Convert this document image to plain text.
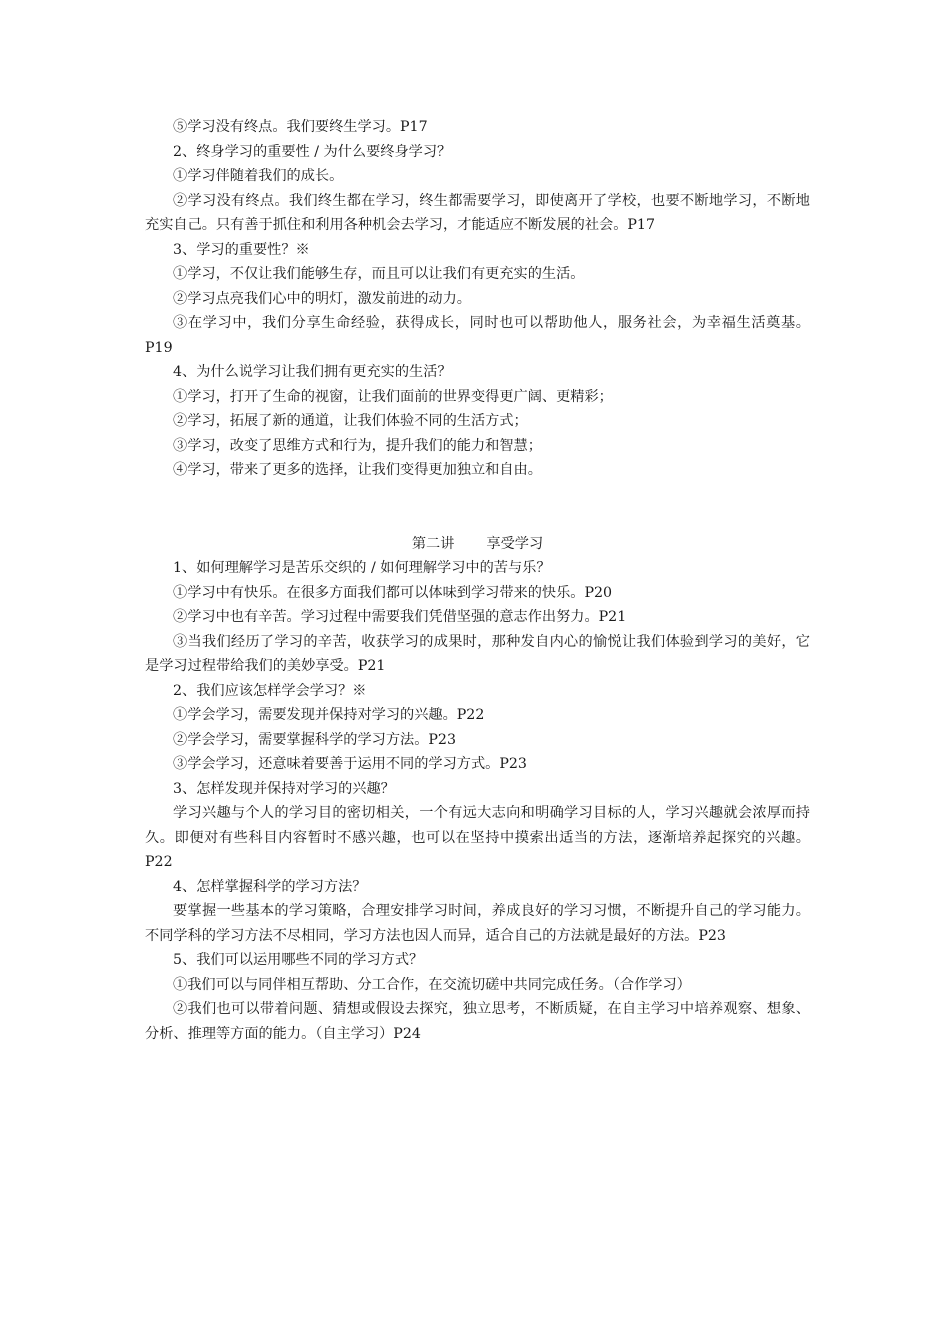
⑤学习没有终点。我们要终生学习。P17

2、终身学习的重要性 / 为什么要终身学习？

①学习伴随着我们的成长。

②学习没有终点。我们终生都在学习，终生都需要学习，即使离开了学校，也要不断地学习，不断地充实自己。只有善于抓住和利用各种机会去学习，才能适应不断发展的社会。P17

3、学习的重要性？※

①学习，不仅让我们能够生存，而且可以让我们有更充实的生活。

②学习点亮我们心中的明灯，激发前进的动力。

③在学习中，我们分享生命经验，获得成长，同时也可以帮助他人，服务社会，为幸福生活奠基。P19

4、为什么说学习让我们拥有更充实的生活？

①学习，打开了生命的视窗，让我们面前的世界变得更广阔、更精彩；

②学习，拓展了新的通道，让我们体验不同的生活方式；

③学习，改变了思维方式和行为，提升我们的能力和智慧；

④学习，带来了更多的选择，让我们变得更加独立和自由。

第二讲 享受学习

1、如何理解学习是苦乐交织的 / 如何理解学习中的苦与乐？

①学习中有快乐。在很多方面我们都可以体味到学习带来的快乐。P20

②学习中也有辛苦。学习过程中需要我们凭借坚强的意志作出努力。P21

③当我们经历了学习的辛苦，收获学习的成果时，那种发自内心的愉悦让我们体验到学习的美好，它是学习过程带给我们的美妙享受。P21

2、我们应该怎样学会学习？※

①学会学习，需要发现并保持对学习的兴趣。P22

②学会学习，需要掌握科学的学习方法。P23

③学会学习，还意味着要善于运用不同的学习方式。P23

3、怎样发现并保持对学习的兴趣？

学习兴趣与个人的学习目的密切相关，一个有远大志向和明确学习目标的人，学习兴趣就会浓厚而持久。即便对有些科目内容暂时不感兴趣，也可以在坚持中摸索出适当的方法，逐渐培养起探究的兴趣。P22

4、怎样掌握科学的学习方法？

要掌握一些基本的学习策略，合理安排学习时间，养成良好的学习习惯，不断提升自己的学习能力。不同学科的学习方法不尽相同，学习方法也因人而异，适合自己的方法就是最好的方法。P23

5、我们可以运用哪些不同的学习方式？

①我们可以与同伴相互帮助、分工合作，在交流切磋中共同完成任务。（合作学习）

②我们也可以带着问题、猜想或假设去探究，独立思考，不断质疑，在自主学习中培养观察、想象、分析、推理等方面的能力。（自主学习）P24
